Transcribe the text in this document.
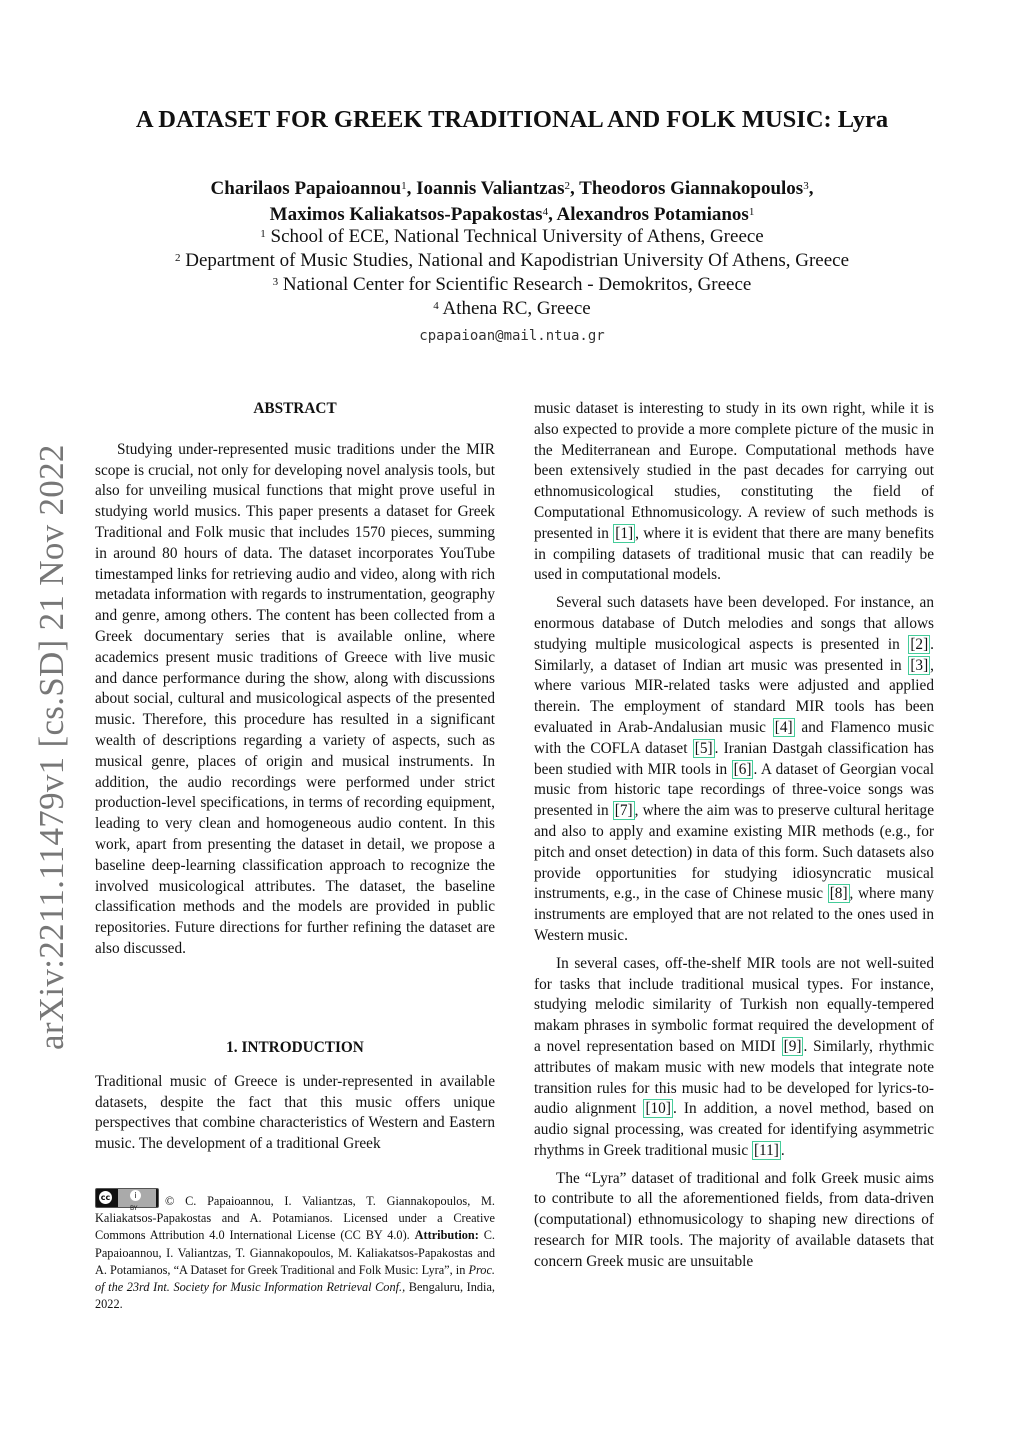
arXiv:2211.11479v1 [cs.SD] 21 Nov 2022
A DATASET FOR GREEK TRADITIONAL AND FOLK MUSIC: Lyra
Charilaos Papaioannou$^1$, Ioannis Valiantzas$^2$, Theodoros Giannakopoulos$^3$,
Maximos Kaliakatsos-Papakostas$^4$, Alexandros Potamianos$^1$
$^1$ School of ECE, National Technical University of Athens, Greece
$^2$ Department of Music Studies, National and Kapodistrian University Of Athens, Greece
$^3$ National Center for Scientific Research - Demokritos, Greece
$^4$ Athena RC, Greece
cpapaioan@mail.ntua.gr
ABSTRACT

Studying under-represented music traditions under the MIR scope is crucial, not only for developing novel analysis tools, but also for unveiling musical functions that might prove useful in studying world musics. This paper presents a dataset for Greek Traditional and Folk music that includes 1570 pieces, summing in around 80 hours of data. The dataset incorporates YouTube timestamped links for retrieving audio and video, along with rich metadata information with regards to instrumentation, geography and genre, among others. The content has been collected from a Greek documentary series that is available online, where academics present music traditions of Greece with live music and dance performance during the show, along with discussions about social, cultural and musicological aspects of the presented music. Therefore, this procedure has resulted in a significant wealth of descriptions regarding a variety of aspects, such as musical genre, places of origin and musical instruments. In addition, the audio recordings were performed under strict production-level specifications, in terms of recording equipment, leading to very clean and homogeneous audio content. In this work, apart from presenting the dataset in detail, we propose a baseline deep-learning classification approach to recognize the involved musicological attributes. The dataset, the baseline classification methods and the models are provided in public repositories. Future directions for further refining the dataset are also discussed.

1. INTRODUCTION

Traditional music of Greece is under-represented in available datasets, despite the fact that this music offers unique perspectives that combine characteristics of Western and Eastern music. The development of a traditional Greek

cc	i
BY
© C. Papaioannou, I. Valiantzas, T. Giannakopoulos, M. Kaliakatsos-Papakostas and A. Potamianos. Licensed under a Creative Commons Attribution 4.0 International License (CC BY 4.0). Attribution: C. Papaioannou, I. Valiantzas, T. Giannakopoulos, M. Kaliakatsos-Papakostas and A. Potamianos, “A Dataset for Greek Traditional and Folk Music: Lyra”, in Proc. of the 23rd Int. Society for Music Information Retrieval Conf., Bengaluru, India, 2022.

music dataset is interesting to study in its own right, while it is also expected to provide a more complete picture of the music in the Mediterranean and Europe. Computational methods have been extensively studied in the past decades for carrying out ethnomusicological studies, constituting the field of Computational Ethnomusicology. A review of such methods is presented in [1] , where it is evident that there are many benefits in compiling datasets of traditional music that can readily be used in computational models.

Several such datasets have been developed. For instance, an enormous database of Dutch melodies and songs that allows studying multiple musicological aspects is presented in [2] . Similarly, a dataset of Indian art music was presented in [3] , where various MIR-related tasks were adjusted and applied therein. The employment of standard MIR tools has been evaluated in Arab-Andalusian music [4] and Flamenco music with the COFLA dataset [5] . Iranian Dastgah classification has been studied with MIR tools in [6] . A dataset of Georgian vocal music from historic tape recordings of three-voice songs was presented in [7] , where the aim was to preserve cultural heritage and also to apply and examine existing MIR methods (e.g., for pitch and onset detection) in data of this form. Such datasets also provide opportunities for studying idiosyncratic musical instruments, e.g., in the case of Chinese music [8] , where many instruments are employed that are not related to the ones used in Western music.

In several cases, off-the-shelf MIR tools are not well-suited for tasks that include traditional musical types. For instance, studying melodic similarity of Turkish non equally-tempered makam phrases in symbolic format required the development of a novel representation based on MIDI [9] . Similarly, rhythmic attributes of makam music with new models that integrate note transition rules for this music had to be developed for lyrics-to-audio alignment [10] . In addition, a novel method, based on audio signal processing, was created for identifying asymmetric rhythms in Greek traditional music [11] .

The “Lyra” dataset of traditional and folk Greek music aims to contribute to all the aforementioned fields, from data-driven (computational) ethnomusicology to shaping new directions of research for MIR tools. The majority of available datasets that concern Greek music are unsuitable
